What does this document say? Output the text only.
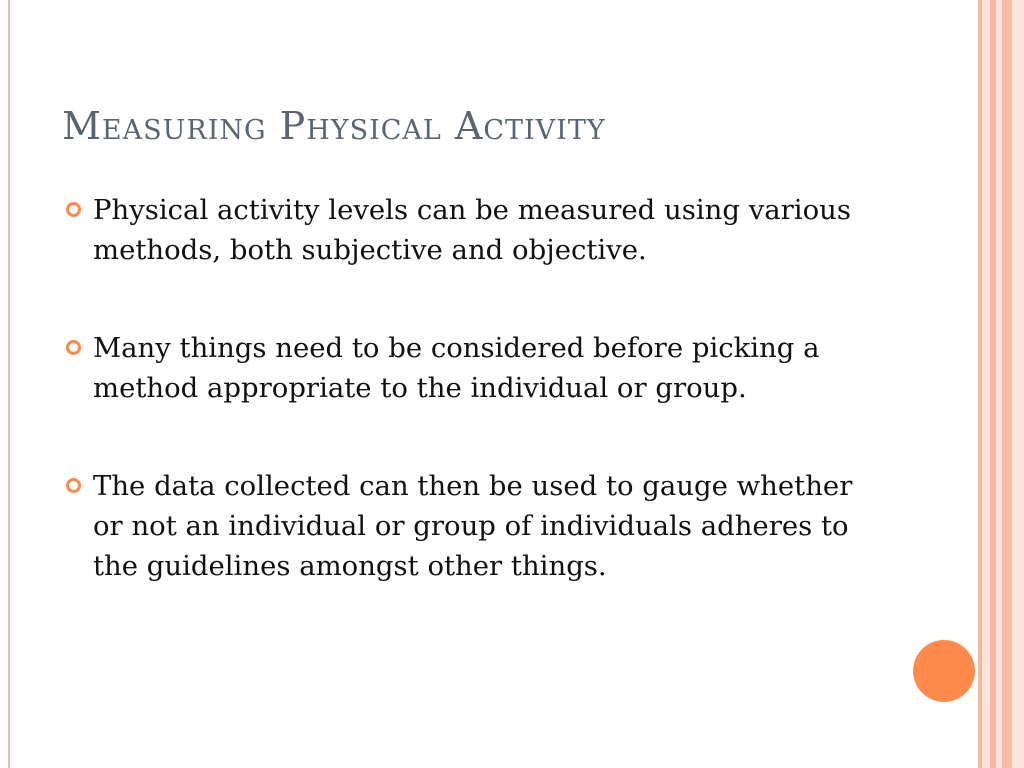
Measuring Physical Activity

Physical activity levels can be measured using various methods, both subjective and objective.

Many things need to be considered before picking a method appropriate to the individual or group.

The data collected can then be used to gauge whether or not an individual or group of individuals adheres to the guidelines amongst other things.
